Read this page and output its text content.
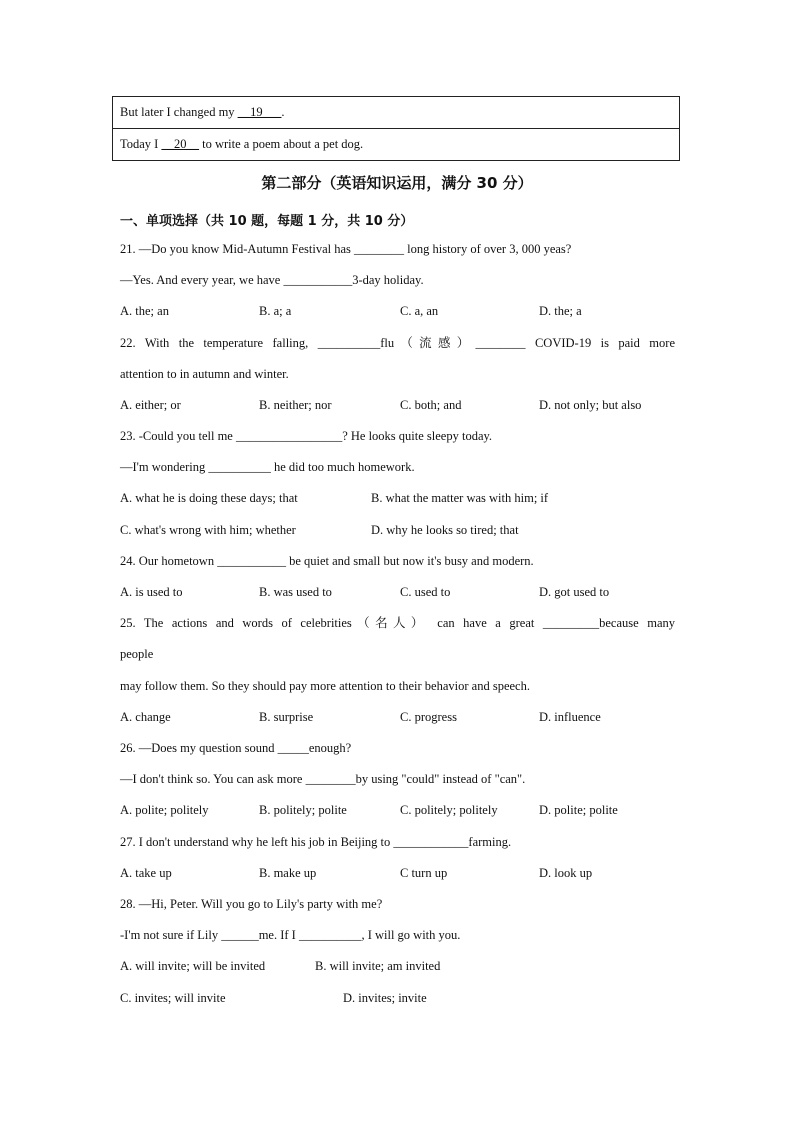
But later I changed my __19___.
Today I __20__ to write a poem about a pet dog.
第二部分（英语知识运用，满分 30 分）
一、单项选择（共 10 题，每题 1 分，共 10 分）
21. —Do you know Mid-Autumn Festival has ________ long history of over 3, 000 yeas?
—Yes. And every year, we have ___________3-day holiday.
A. the; an	B. a; a	C. a, an	D. the; a
22. With the temperature falling, __________flu（流感）________ COVID-19 is paid more
attention to in autumn and winter.
A. either; or	B. neither; nor	C. both; and	D. not only; but also
23. -Could you tell me _________________? He looks quite sleepy today.
—I'm wondering __________ he did too much homework.
A. what he is doing these days; that	B. what the matter was with him; if
C. what's wrong with him; whether	D. why he looks so tired; that
24. Our hometown ___________ be quiet and small but now it's busy and modern.
A. is used to	B. was used to	C. used to	D. got used to
25. The actions and words of celebrities（名人） can have a great _________because many
people
may follow them. So they should pay more attention to their behavior and speech.
A. change	B. surprise	C. progress	D. influence
26. —Does my question sound _____enough?
—I don't think so. You can ask more ________by using "could" instead of "can".
A. polite; politely	B. politely; polite	C. politely; politely	D. polite; polite
27. I don't understand why he left his job in Beijing to ____________farming.
A. take up	B. make up	C turn up	D. look up
28. —Hi, Peter. Will you go to Lily's party with me?
-I'm not sure if Lily ______me. If I __________, I will go with you.
A. will invite; will be invited	B. will invite; am invited
C. invites; will invite	D. invites; invite
